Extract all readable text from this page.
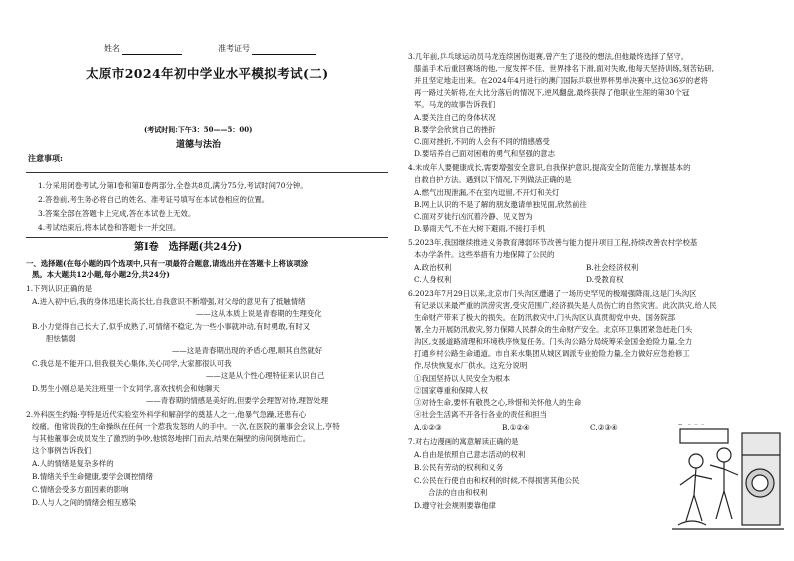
姓名	准考证号
太原市2024年初中学业水平模拟考试(二)
(考试时间:下午3：50——5：00)
道德与法治
注意事项:
1.分采用闭卷考试,分第Ⅰ卷和第Ⅱ卷两部分,全卷共8页,满分75分,考试时间70分钟。
2.答卷前,考生务必将自己的姓名、准考证号填写在本试卷相应的位置。
3.答案全部在答题卡上完成,答在本试卷上无效。
4.考试结束后,将本试卷和答题卡一并交回。
第Ⅰ卷　选择题(共24分)
一、选择题(在每小题的四个选项中,只有一项最符合题意,请选出并在答题卡上将该项涂
黑。本大题共12小题,每小题2分,共24分)
1.下列认识正确的是
A.进入初中后,我的身体迅速长高长壮,自我意识不断增强,对父母的意见有了抵触情绪
——这从本质上说是青春期的生理变化
B.小力觉得自己长大了,似乎成熟了,可情绪不稳定,为一些小事就冲动,有时勇敢,有时又
胆怯懦弱
——这是青春期出现的矛盾心理,顺其自然就好
C.我总是不能开口,但我很关心集体,关心同学,大家都很认可我
——这是从个性心理特征来认识自己
D.男生小刚总是关注班里一个女同学,喜欢找机会和她聊天
——青春期的情感是美好的,但要学会理智对待,理智处理
2.外科医生约翰·亨特是近代实验室外科学和解剖学的奠基人之一,他暴气急躁,还患有心
绞痛。他常说我的生命操纵在任何一个惹我发怒的人的手中。一次,在医院的董事会会议上,亨特
与其他董事会成员发生了激烈的争吵,他愤怒地摔门而去,结果在隔壁的房间倒地而亡。
这个事例告诉我们
A.人的情绪是复杂多样的
B.情绪关乎生命健康,要学会调控情绪
C.情绪会受多方面因素的影响
D.人与人之间的情绪会相互感染
3.几年前,乒乓球运动员马龙连续困伤退赛,曾产生了退役的想法,但他最终选择了坚守。
膝盖手术后重回赛场的他,一度发挥不佳、世界排名下滑,面对失败,他每天坚持训练,刻苦钻研,
并且坚定地走出来。在2024年4月进行的澳门国际乒联世界杯男单决赛中,这位36岁的老将
再一路过关斩将,在大比分落后的情况下,逆风翻盘,最终获得了他职业生涯的第30个冠
军。马龙的故事告诉我们
A.要关注自己的身体状况
B.要学会欣赏自己的挫折
C.面对挫折,不同的人会有不同的情感感受
D.要培养自己面对困难的勇气和坚强的意志
4.未成年人要健康成长,需要增强安全意识,自我保护意识,提高安全防范能力,掌握基本的
自救自护方法。遇到以下情况,下列做法正确的是
A.燃气出现泄漏,不在室内逗留,不开灯和关灯
B.网上认识的不是了解的朋友邀请单独见面,欣然前往
C.面对歹徒行凶沉着冷静、见义智为
D.暴雨天气,不在大树下避雨,不接打手机
5.2023年,我国继续推进义务教育薄弱环节改善与能力提升项目工程,持续改善农村学校基
本办学条件。这些举措有力地保障了公民的
A.政治权利	B.社会经济权利
C.人身权利	D.受教育权
6.2023年7月29日以来,北京市门头沟区遭遇了一场历史罕见的极端强降雨,这是门头沟区
有记录以来最严重的洪涝灾害,受灾范围广,经济损失是人员伤亡的自然灾害。此次洪灾,给人民
生命财产带来了极大的损失。在防汛救灾中,门头沟区认真贯彻党中央、国务院部
署,全力开展防汛救灾,努力保障人民群众的生命财产安全。北京环卫集团紧急赶赴门头
沟区,支援道路清理和环境秩序恢复任务。门头沟公路分局统筹采金国金抢险力量,全力
打通乡村公路生命通道。市自来水集团从城区调派专业抢险力量,全力做好应急抢修工
作,尽快恢复水厂供水。这充分说明
①我国坚持以人民安全为根本
②国家尊重和保障人权
③对待生命,要怀有敬畏之心,珍惜和关怀他人的生命
④社会生活离不开各行各业的责任和担当
A.①②③	B.①②④	C.②③④
7.对右边漫画的寓意解读正确的是
A.自由是依照自己意志活动的权利
B.公民有劳动的权利和义务
C.公民在行使自由和权利的时候,不得损害其他公民
合法的自由和权利
D.遵守社会规则要靠他律
